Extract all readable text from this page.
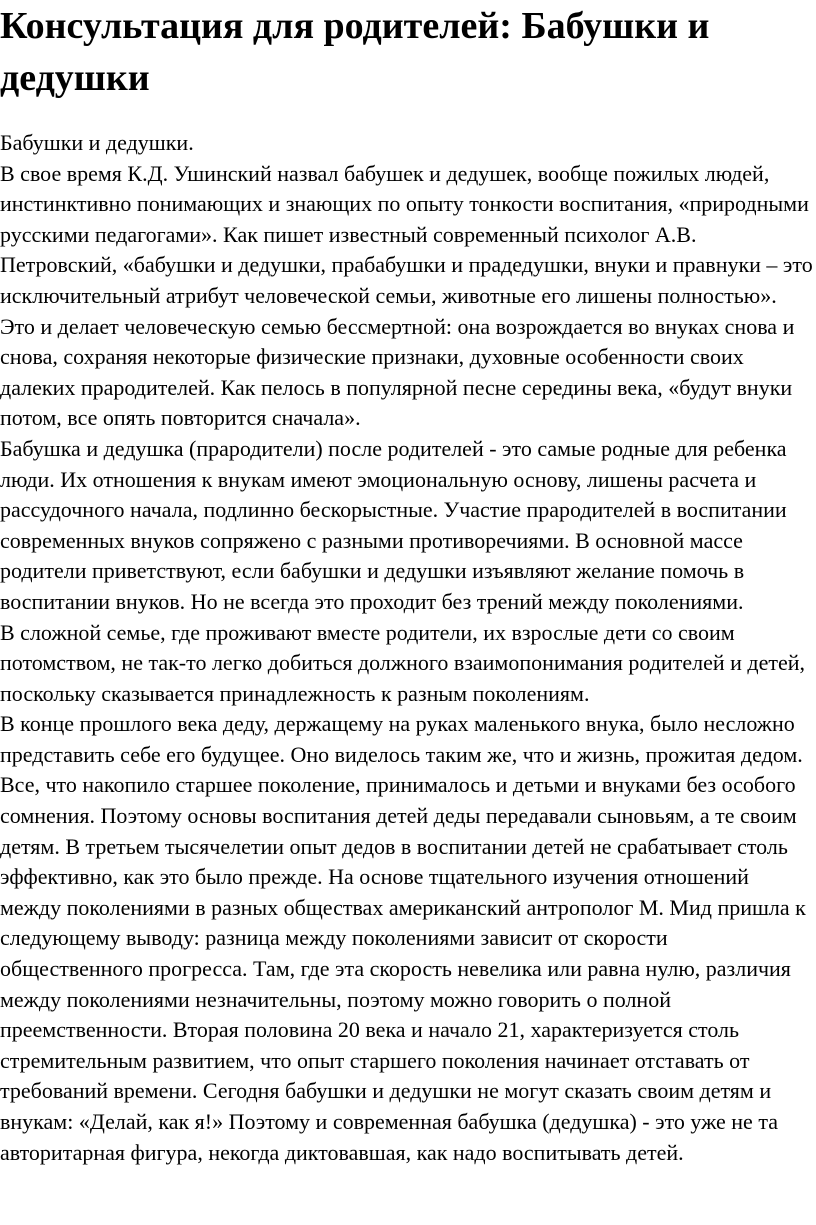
Консультация для родителей: Бабушки и дедушки

Бабушки и дедушки.

В свое время К.Д. Ушинский назвал бабушек и дедушек, вообще пожилых людей, инстинктивно понимающих и знающих по опыту тонкости воспитания, «природными русскими педагогами». Как пишет известный современный психолог А.В. Петровский, «бабушки и дедушки, прабабушки и прадедушки, внуки и правнуки – это исключительный атрибут человеческой семьи, животные его лишены полностью». Это и делает человеческую семью бессмертной: она возрождается во внуках снова и снова, сохраняя некоторые физические признаки, духовные особенности своих далеких прародителей. Как пелось в популярной песне середины века, «будут внуки потом, все опять повторится сначала».

Бабушка и дедушка (прародители) после родителей - это самые родные для ребенка люди. Их отношения к внукам имеют эмоциональную основу, лишены расчета и рассудочного начала, подлинно бескорыстные. Участие прародителей в воспитании современных внуков сопряжено с разными противоречиями. В основной массе родители приветствуют, если бабушки и дедушки изъявляют желание помочь в воспитании внуков. Но не всегда это проходит без трений между поколениями.

В сложной семье, где проживают вместе родители, их взрослые дети со своим потомством, не так-то легко добиться должного взаимопонимания родителей и детей, поскольку сказывается принадлежность к разным поколениям.

В конце прошлого века деду, держащему на руках маленького внука, было несложно представить себе его будущее. Оно виделось таким же, что и жизнь, прожитая дедом. Все, что накопило старшее поколение, принималось и детьми и внуками без особого сомнения. Поэтому основы воспитания детей деды передавали сыновьям, а те своим детям. В третьем тысячелетии опыт дедов в воспитании детей не срабатывает столь эффективно, как это было прежде. На основе тщательного изучения отношений между поколениями в разных обществах американский антрополог М. Мид пришла к следующему выводу: разница между поколениями зависит от скорости общественного прогресса. Там, где эта скорость невелика или равна нулю, различия между поколениями незначительны, поэтому можно говорить о полной преемственности. Вторая половина 20 века и начало 21, характеризуется столь стремительным развитием, что опыт старшего поколения начинает отставать от требований времени. Сегодня бабушки и дедушки не могут сказать своим детям и внукам: «Делай, как я!» Поэтому и современная бабушка (дедушка) - это уже не та авторитарная фигура, некогда диктовавшая, как надо воспитывать детей.
